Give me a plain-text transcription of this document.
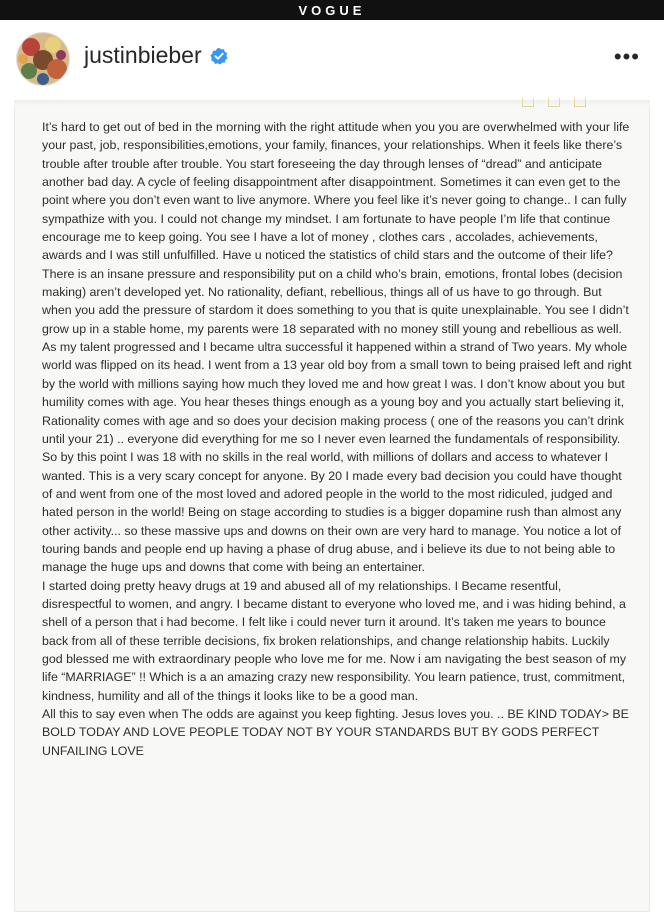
VOGUE
justinbieber	•••

It’s hard to get out of bed in the morning with the right attitude when you you are overwhelmed with your life your past, job, responsibilities,emotions, your family, finances, your relationships. When it feels like there’s trouble after trouble after trouble. You start foreseeing the day through lenses of “dread” and anticipate another bad day. A cycle of feeling disappointment after disappointment. Sometimes it can even get to the point where you don’t even want to live anymore. Where you feel like it’s never going to change.. I can fully sympathize with you. I could not change my mindset. I am fortunate to have people I’m life that continue encourage me to keep going. You see I have a lot of money , clothes cars , accolades, achievements, awards and I was still unfulfilled. Have u noticed the statistics of child stars and the outcome of their life? There is an insane pressure and responsibility put on a child who’s brain, emotions, frontal lobes (decision making) aren’t developed yet. No rationality, defiant, rebellious, things all of us have to go through. But when you add the pressure of stardom it does something to you that is quite unexplainable. You see I didn’t grow up in a stable home, my parents were 18 separated with no money still young and rebellious as well. As my talent progressed and I became ultra successful it happened within a strand of Two years. My whole world was flipped on its head. I went from a 13 year old boy from a small town to being praised left and right by the world with millions saying how much they loved me and how great I was. I don’t know about you but humility comes with age. You hear theses things enough as a young boy and you actually start believing it, Rationality comes with age and so does your decision making process ( one of the reasons you can’t drink until your 21) .. everyone did everything for me so I never even learned the fundamentals of responsibility. So by this point I was 18 with no skills in the real world, with millions of dollars and access to whatever I wanted. This is a very scary concept for anyone. By 20 I made every bad decision you could have thought of and went from one of the most loved and adored people in the world to the most ridiculed, judged and hated person in the world! Being on stage according to studies is a bigger dopamine rush than almost any other activity... so these massive ups and downs on their own are very hard to manage. You notice a lot of touring bands and people end up having a phase of drug abuse, and i believe its due to not being able to manage the huge ups and downs that come with being an entertainer.

I started doing pretty heavy drugs at 19 and abused all of my relationships. I Became resentful, disrespectful to women, and angry. I became distant to everyone who loved me, and i was hiding behind, a shell of a person that i had become. I felt like i could never turn it around. It’s taken me years to bounce back from all of these terrible decisions, fix broken relationships, and change relationship habits. Luckily god blessed me with extraordinary people who love me for me. Now i am navigating the best season of my life “MARRIAGE” !! Which is a an amazing crazy new responsibility. You learn patience, trust, commitment, kindness, humility and all of the things it looks like to be a good man.

All this to say even when The odds are against you keep fighting. Jesus loves you. .. BE KIND TODAY> BE BOLD TODAY AND LOVE PEOPLE TODAY NOT BY YOUR STANDARDS BUT BY GODS PERFECT UNFAILING LOVE
